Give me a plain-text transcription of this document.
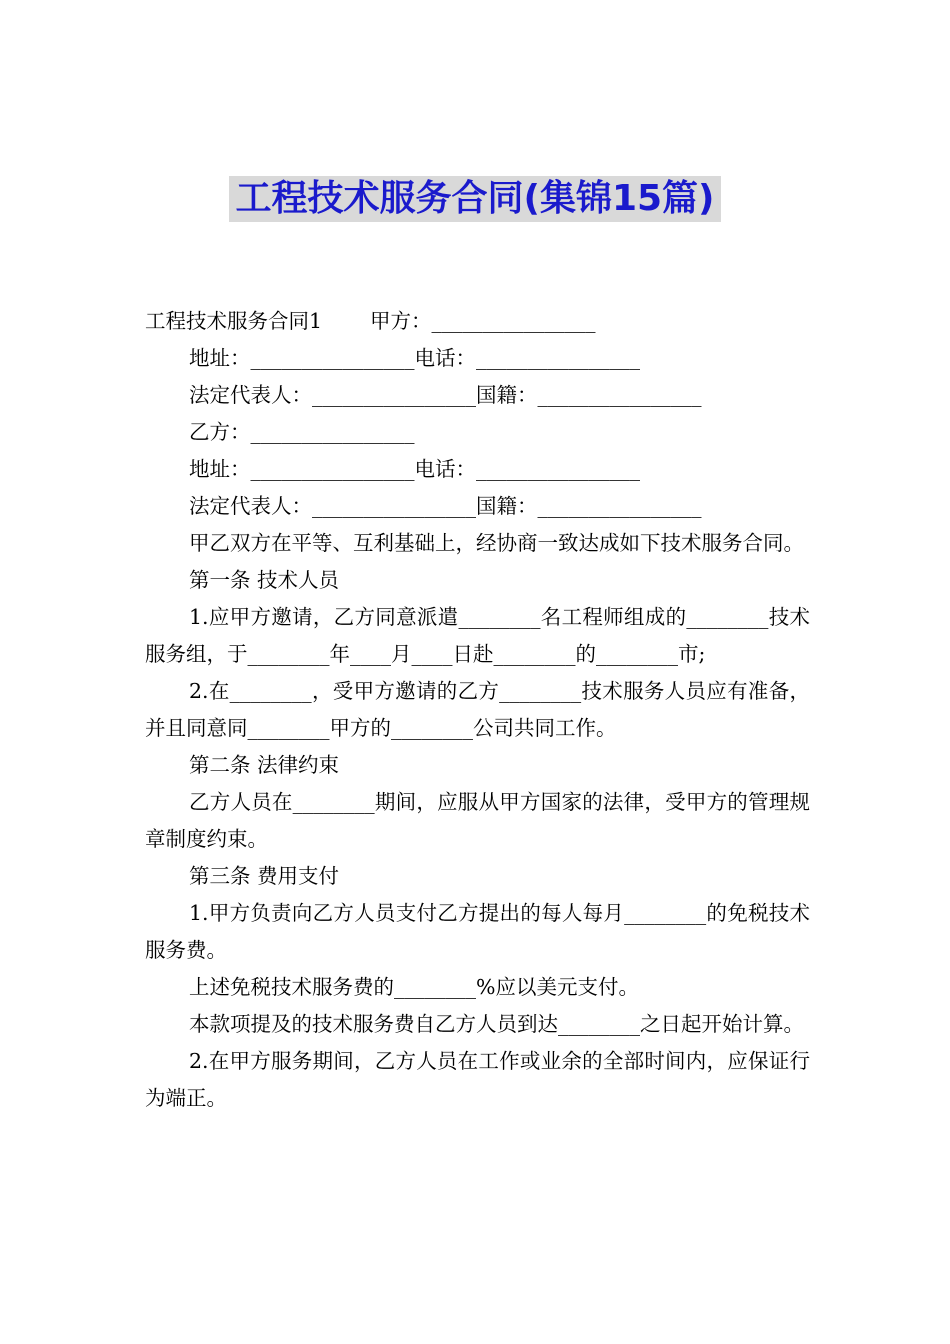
工程技术服务合同(集锦15篇)

工程技术服务合同1 甲方：________________

地址：________________电话：________________

法定代表人：________________国籍：________________

乙方：________________

地址：________________电话：________________

法定代表人：________________国籍：________________

甲乙双方在平等、互利基础上，经协商一致达成如下技术服务合同。

第一条 技术人员

1.应甲方邀请，乙方同意派遣________名工程师组成的________技术服务组，于________年____月____日赴________的________市;

2.在________，受甲方邀请的乙方________技术服务人员应有准备，并且同意同________甲方的________公司共同工作。

第二条 法律约束

乙方人员在________期间，应服从甲方国家的法律，受甲方的管理规章制度约束。

第三条 费用支付

1.甲方负责向乙方人员支付乙方提出的每人每月________的免税技术服务费。

上述免税技术服务费的________%应以美元支付。

本款项提及的技术服务费自乙方人员到达________之日起开始计算。

2.在甲方服务期间，乙方人员在工作或业余的全部时间内，应保证行为端正。
